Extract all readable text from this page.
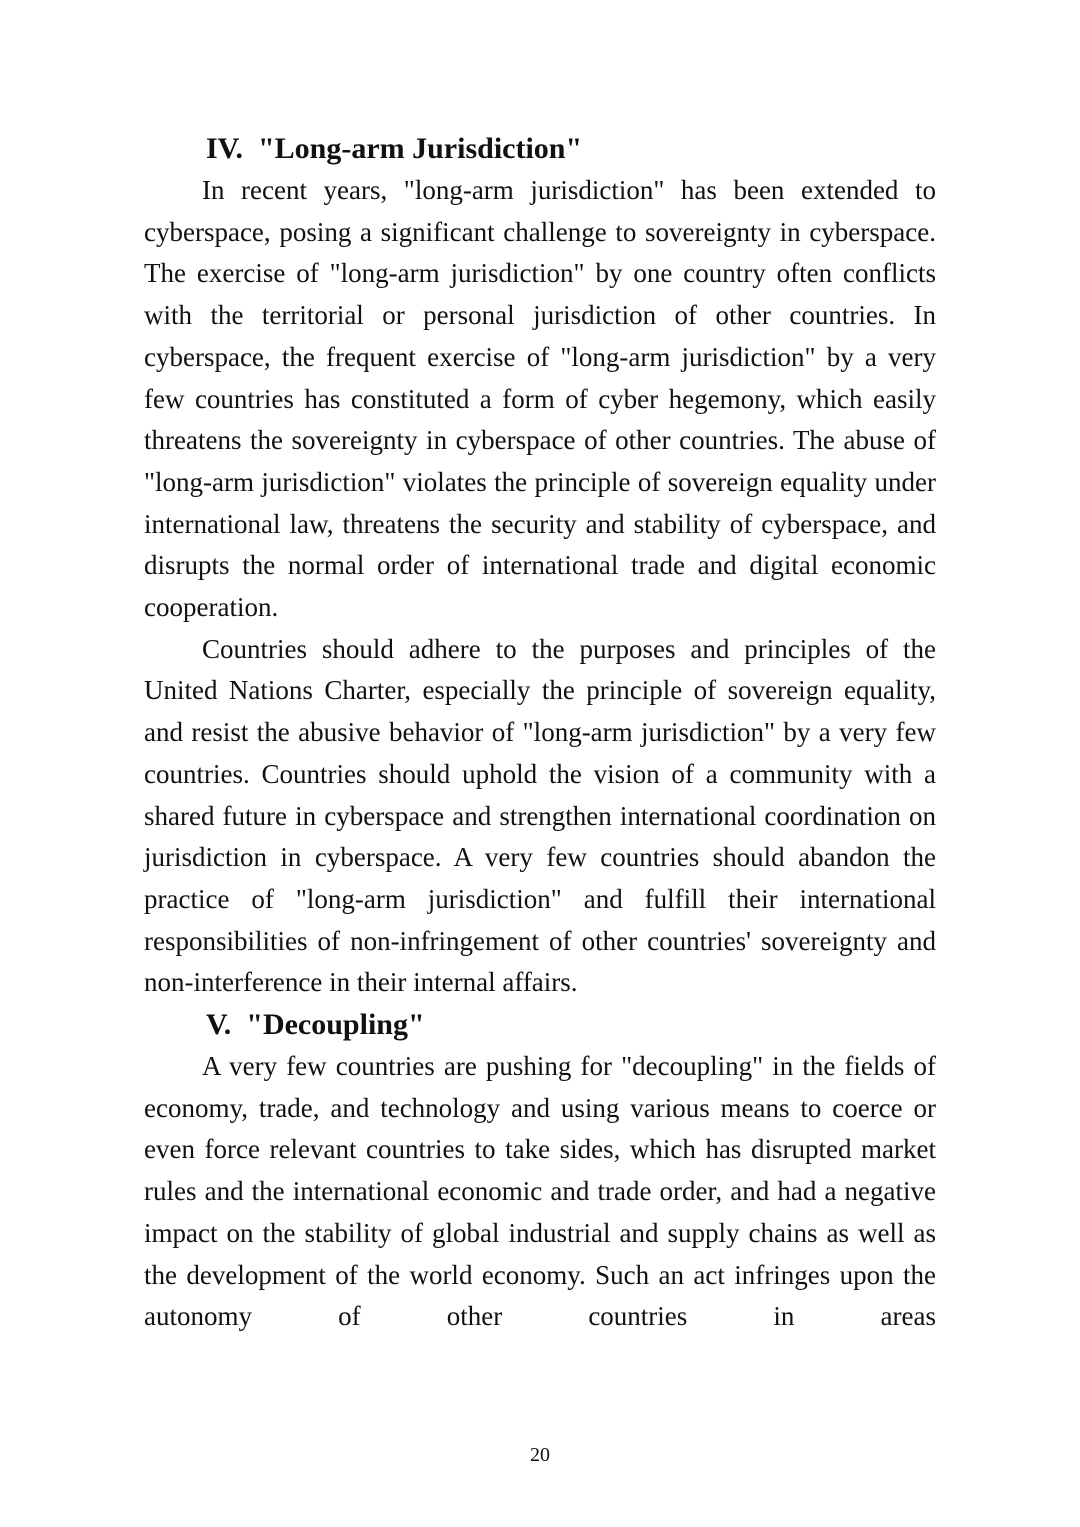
IV.  "Long-arm Jurisdiction"

In recent years, "long-arm jurisdiction" has been extended to cyberspace, posing a significant challenge to sovereignty in cyberspace. The exercise of "long-arm jurisdiction" by one country often conflicts with the territorial or personal jurisdiction of other countries. In cyberspace, the frequent exercise of "long-arm jurisdiction" by a very few countries has constituted a form of cyber hegemony, which easily threatens the sovereignty in cyberspace of other countries. The abuse of "long-arm jurisdiction" violates the principle of sovereign equality under international law, threatens the security and stability of cyberspace, and disrupts the normal order of international trade and digital economic cooperation.

Countries should adhere to the purposes and principles of the United Nations Charter, especially the principle of sovereign equality, and resist the abusive behavior of "long-arm jurisdiction" by a very few countries. Countries should uphold the vision of a community with a shared future in cyberspace and strengthen international coordination on jurisdiction in cyberspace. A very few countries should abandon the practice of "long-arm jurisdiction" and fulfill their international responsibilities of non-infringement of other countries' sovereignty and non-interference in their internal affairs.

V.  "Decoupling"

A very few countries are pushing for "decoupling" in the fields of economy, trade, and technology and using various means to coerce or even force relevant countries to take sides, which has disrupted market rules and the international economic and trade order, and had a negative impact on the stability of global industrial and supply chains as well as the development of the world economy. Such an act infringes upon the autonomy of other countries in areas

20
